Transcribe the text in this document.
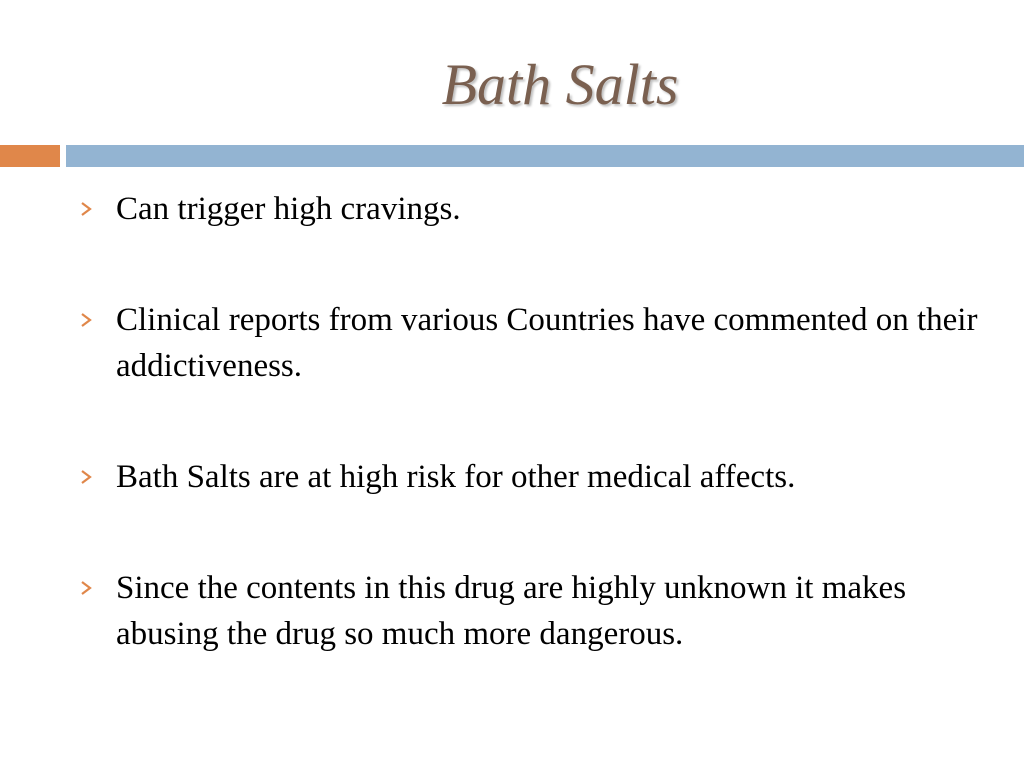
Bath Salts
Can trigger high cravings.
Clinical reports from various Countries have commented on their addictiveness.
Bath Salts are at high risk for other medical affects.
Since the contents in this drug are highly unknown it makes abusing the drug so much more dangerous.
